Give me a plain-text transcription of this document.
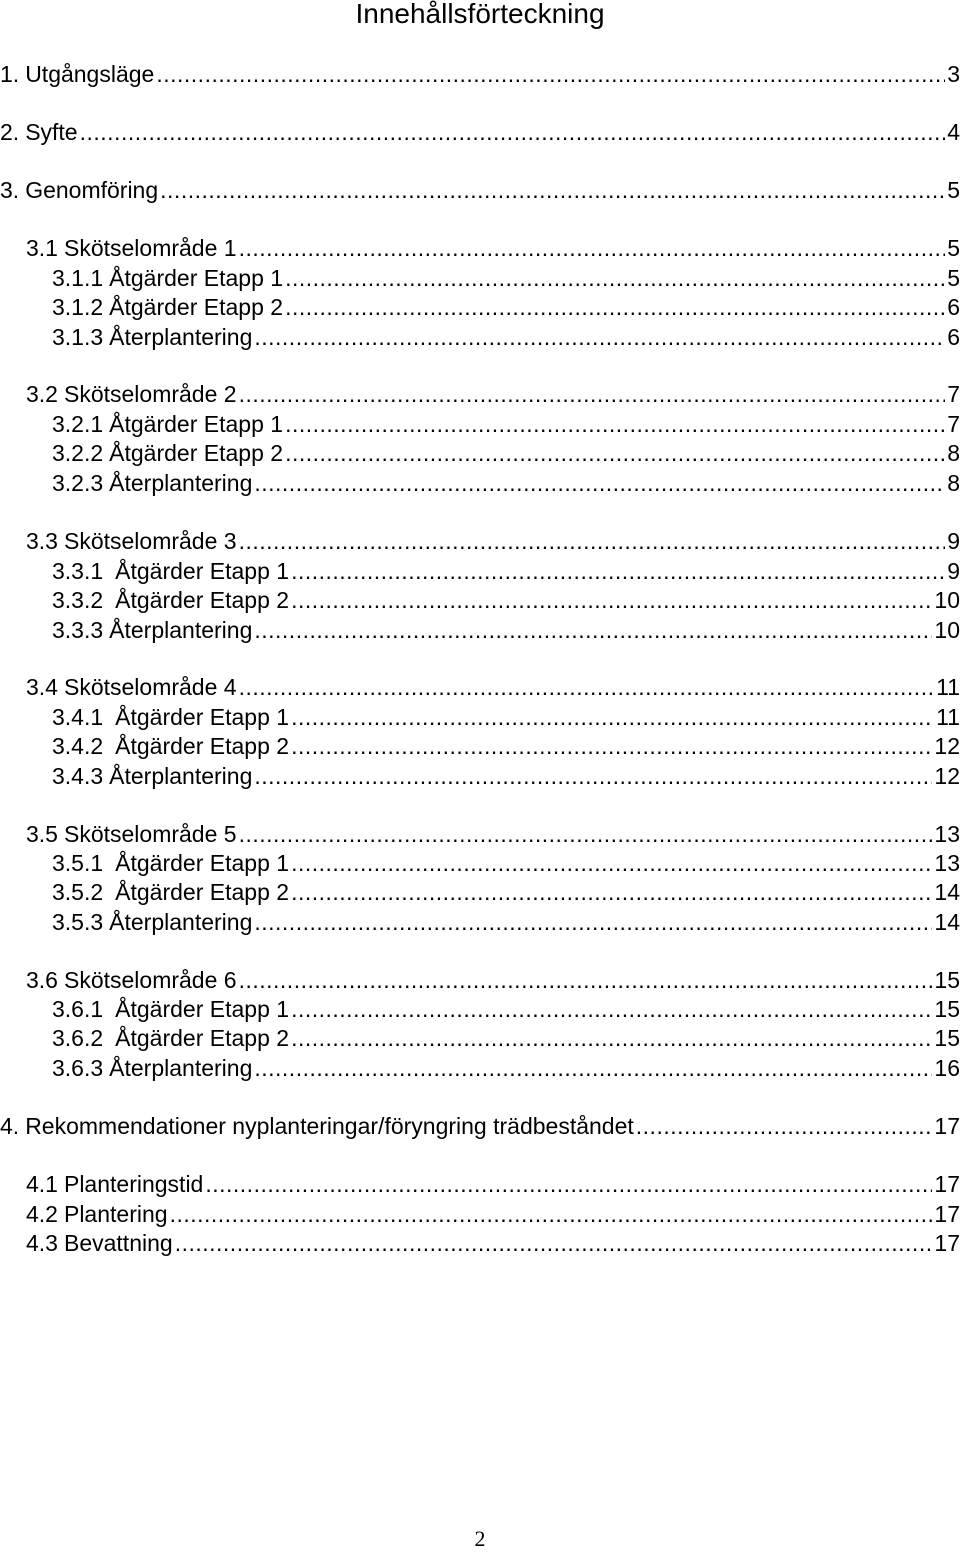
Innehållsförteckning
1. Utgångsläge .....	3
2. Syfte .....	4
3. Genomföring .....	5
3.1 Skötselområde 1 .....	5
3.1.1 Åtgärder Etapp 1 .....	5
3.1.2 Åtgärder Etapp 2 .....	6
3.1.3 Återplantering .....	6
3.2 Skötselområde 2 .....	7
3.2.1 Åtgärder Etapp 1 .....	7
3.2.2 Åtgärder Etapp 2 .....	8
3.2.3 Återplantering .....	8
3.3 Skötselområde 3 .....	9
3.3.1 Åtgärder Etapp 1 .....	9
3.3.2 Åtgärder Etapp 2 .....	10
3.3.3 Återplantering .....	10
3.4 Skötselområde 4 .....	11
3.4.1 Åtgärder Etapp 1 .....	11
3.4.2 Åtgärder Etapp 2 .....	12
3.4.3 Återplantering .....	12
3.5 Skötselområde 5 .....	13
3.5.1 Åtgärder Etapp 1 .....	13
3.5.2 Åtgärder Etapp 2 .....	14
3.5.3 Återplantering .....	14
3.6 Skötselområde 6 .....	15
3.6.1 Åtgärder Etapp 1 .....	15
3.6.2 Åtgärder Etapp 2 .....	15
3.6.3 Återplantering .....	16
4. Rekommendationer nyplanteringar/föryngring trädbeståndet .....	17
4.1 Planteringstid .....	17
4.2 Plantering .....	17
4.3 Bevattning .....	17
2
